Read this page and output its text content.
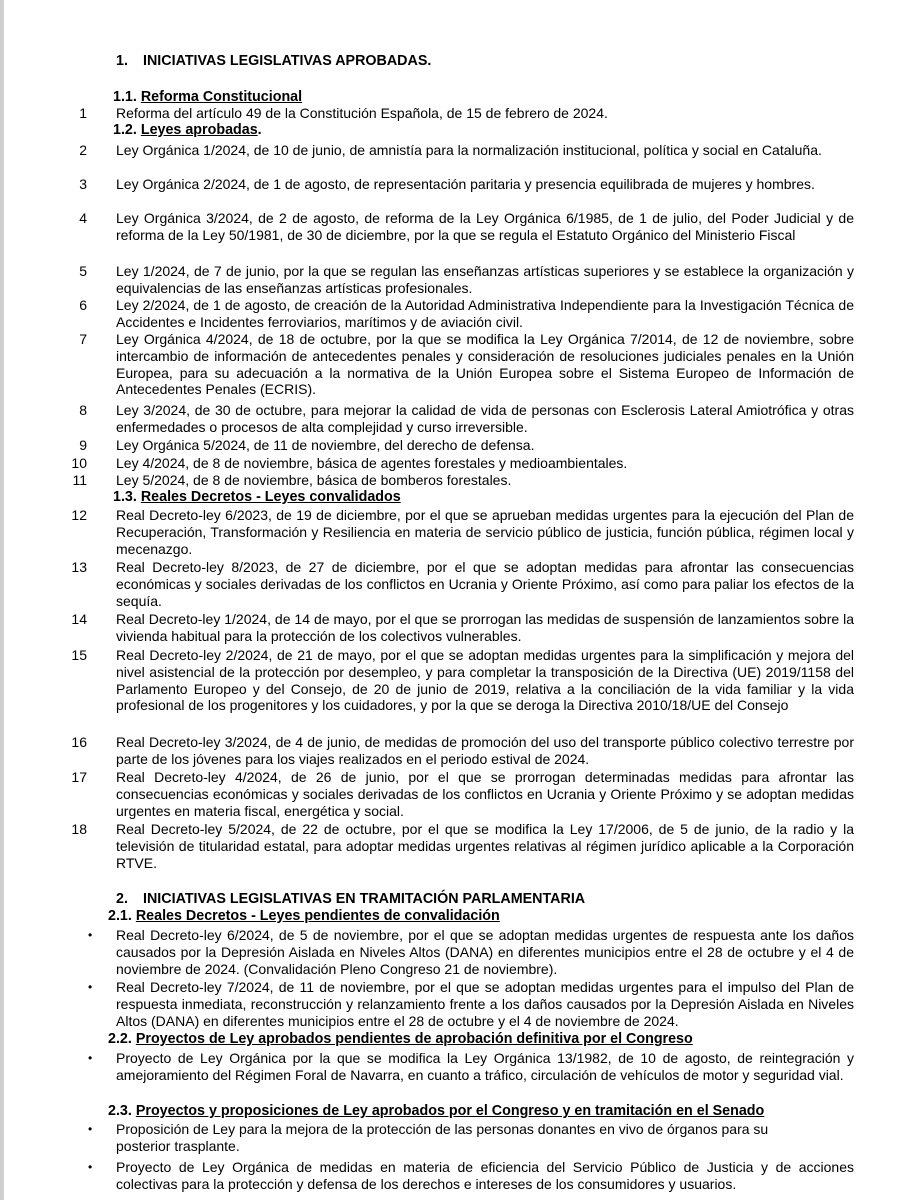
1. INICIATIVAS LEGISLATIVAS APROBADAS.
1.1. Reforma Constitucional
1 Reforma del artículo 49 de la Constitución Española, de 15 de febrero de 2024.
1.2. Leyes aprobadas.
2 Ley Orgánica 1/2024, de 10 de junio, de amnistía para la normalización institucional, política y social en Cataluña.
3 Ley Orgánica 2/2024, de 1 de agosto, de representación paritaria y presencia equilibrada de mujeres y hombres.
4 Ley Orgánica 3/2024, de 2 de agosto, de reforma de la Ley Orgánica 6/1985, de 1 de julio, del Poder Judicial y de reforma de la Ley 50/1981, de 30 de diciembre, por la que se regula el Estatuto Orgánico del Ministerio Fiscal
5 Ley 1/2024, de 7 de junio, por la que se regulan las enseñanzas artísticas superiores y se establece la organización y equivalencias de las enseñanzas artísticas profesionales.
6 Ley 2/2024, de 1 de agosto, de creación de la Autoridad Administrativa Independiente para la Investigación Técnica de Accidentes e Incidentes ferroviarios, marítimos y de aviación civil.
7 Ley Orgánica 4/2024, de 18 de octubre, por la que se modifica la Ley Orgánica 7/2014, de 12 de noviembre, sobre intercambio de información de antecedentes penales y consideración de resoluciones judiciales penales en la Unión Europea, para su adecuación a la normativa de la Unión Europea sobre el Sistema Europeo de Información de Antecedentes Penales (ECRIS).
8 Ley 3/2024, de 30 de octubre, para mejorar la calidad de vida de personas con Esclerosis Lateral Amiotrófica y otras enfermedades o procesos de alta complejidad y curso irreversible.
9 Ley Orgánica 5/2024, de 11 de noviembre, del derecho de defensa.
10 Ley 4/2024, de 8 de noviembre, básica de agentes forestales y medioambientales.
11 Ley 5/2024, de 8 de noviembre, básica de bomberos forestales.
1.3. Reales Decretos - Leyes convalidados
12 Real Decreto-ley 6/2023, de 19 de diciembre, por el que se aprueban medidas urgentes para la ejecución del Plan de Recuperación, Transformación y Resiliencia en materia de servicio público de justicia, función pública, régimen local y mecenazgo.
13 Real Decreto-ley 8/2023, de 27 de diciembre, por el que se adoptan medidas para afrontar las consecuencias económicas y sociales derivadas de los conflictos en Ucrania y Oriente Próximo, así como para paliar los efectos de la sequía.
14 Real Decreto-ley 1/2024, de 14 de mayo, por el que se prorrogan las medidas de suspensión de lanzamientos sobre la vivienda habitual para la protección de los colectivos vulnerables.
15 Real Decreto-ley 2/2024, de 21 de mayo, por el que se adoptan medidas urgentes para la simplificación y mejora del nivel asistencial de la protección por desempleo, y para completar la transposición de la Directiva (UE) 2019/1158 del Parlamento Europeo y del Consejo, de 20 de junio de 2019, relativa a la conciliación de la vida familiar y la vida profesional de los progenitores y los cuidadores, y por la que se deroga la Directiva 2010/18/UE del Consejo
16 Real Decreto-ley 3/2024, de 4 de junio, de medidas de promoción del uso del transporte público colectivo terrestre por parte de los jóvenes para los viajes realizados en el periodo estival de 2024.
17 Real Decreto-ley 4/2024, de 26 de junio, por el que se prorrogan determinadas medidas para afrontar las consecuencias económicas y sociales derivadas de los conflictos en Ucrania y Oriente Próximo y se adoptan medidas urgentes en materia fiscal, energética y social.
18 Real Decreto-ley 5/2024, de 22 de octubre, por el que se modifica la Ley 17/2006, de 5 de junio, de la radio y la televisión de titularidad estatal, para adoptar medidas urgentes relativas al régimen jurídico aplicable a la Corporación RTVE.
2. INICIATIVAS LEGISLATIVAS EN TRAMITACIÓN PARLAMENTARIA
2.1. Reales Decretos - Leyes pendientes de convalidación
• Real Decreto-ley 6/2024, de 5 de noviembre, por el que se adoptan medidas urgentes de respuesta ante los daños causados por la Depresión Aislada en Niveles Altos (DANA) en diferentes municipios entre el 28 de octubre y el 4 de noviembre de 2024. (Convalidación Pleno Congreso 21 de noviembre).
• Real Decreto-ley 7/2024, de 11 de noviembre, por el que se adoptan medidas urgentes para el impulso del Plan de respuesta inmediata, reconstrucción y relanzamiento frente a los daños causados por la Depresión Aislada en Niveles Altos (DANA) en diferentes municipios entre el 28 de octubre y el 4 de noviembre de 2024.
2.2. Proyectos de Ley aprobados pendientes de aprobación definitiva por el Congreso
• Proyecto de Ley Orgánica por la que se modifica la Ley Orgánica 13/1982, de 10 de agosto, de reintegración y amejoramiento del Régimen Foral de Navarra, en cuanto a tráfico, circulación de vehículos de motor y seguridad vial.
2.3. Proyectos y proposiciones de Ley aprobados por el Congreso y en tramitación en el Senado
• Proposición de Ley para la mejora de la protección de las personas donantes en vivo de órganos para su posterior trasplante.
• Proyecto de Ley Orgánica de medidas en materia de eficiencia del Servicio Público de Justicia y de acciones colectivas para la protección y defensa de los derechos e intereses de los consumidores y usuarios.
